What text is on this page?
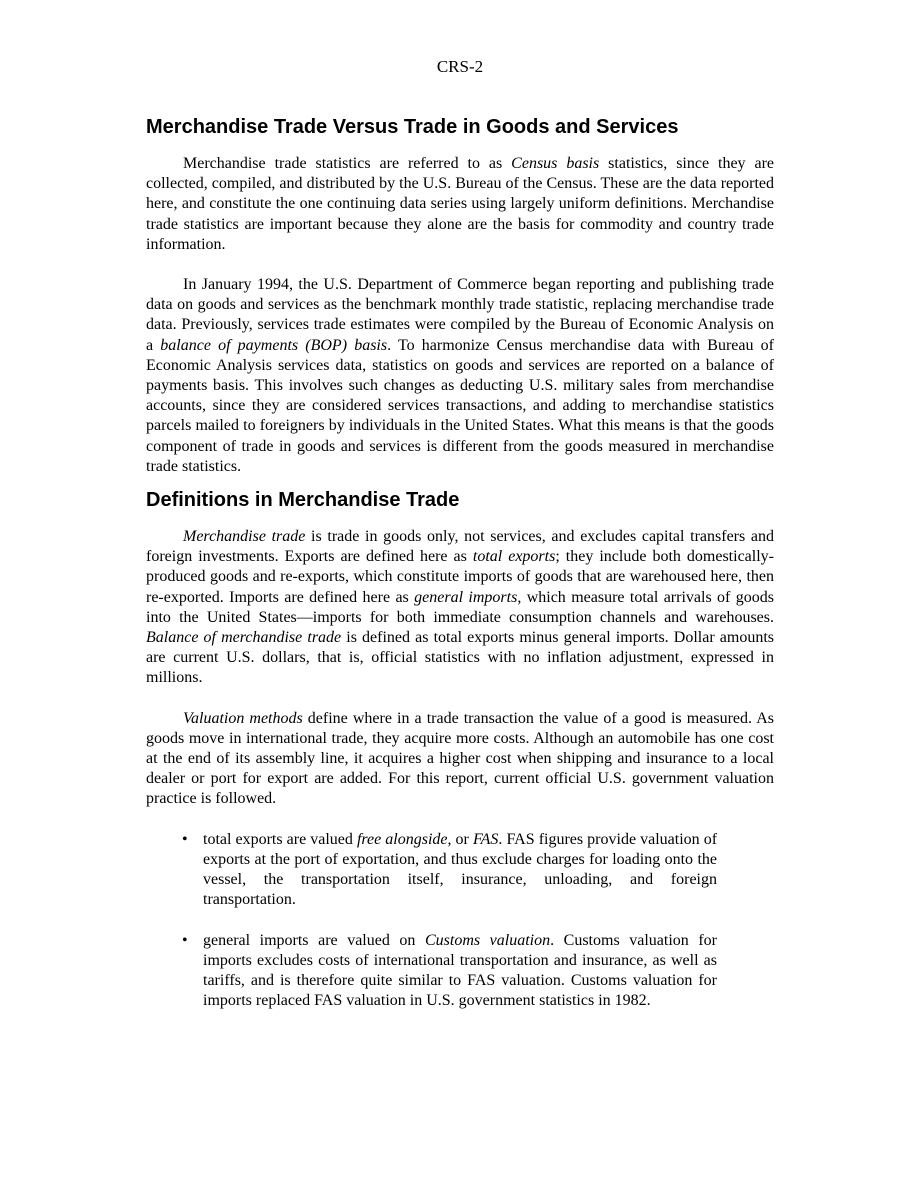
CRS-2
Merchandise Trade Versus Trade in Goods and Services

Merchandise trade statistics are referred to as Census basis statistics, since they are collected, compiled, and distributed by the U.S. Bureau of the Census. These are the data reported here, and constitute the one continuing data series using largely uniform definitions. Merchandise trade statistics are important because they alone are the basis for commodity and country trade information.

In January 1994, the U.S. Department of Commerce began reporting and publishing trade data on goods and services as the benchmark monthly trade statistic, replacing merchandise trade data. Previously, services trade estimates were compiled by the Bureau of Economic Analysis on a balance of payments (BOP) basis. To harmonize Census merchandise data with Bureau of Economic Analysis services data, statistics on goods and services are reported on a balance of payments basis. This involves such changes as deducting U.S. military sales from merchandise accounts, since they are considered services transactions, and adding to merchandise statistics parcels mailed to foreigners by individuals in the United States. What this means is that the goods component of trade in goods and services is different from the goods measured in merchandise trade statistics.

Definitions in Merchandise Trade

Merchandise trade is trade in goods only, not services, and excludes capital transfers and foreign investments. Exports are defined here as total exports; they include both domestically-produced goods and re-exports, which constitute imports of goods that are warehoused here, then re-exported. Imports are defined here as general imports, which measure total arrivals of goods into the United States—imports for both immediate consumption channels and warehouses. Balance of merchandise trade is defined as total exports minus general imports. Dollar amounts are current U.S. dollars, that is, official statistics with no inflation adjustment, expressed in millions.

Valuation methods define where in a trade transaction the value of a good is measured. As goods move in international trade, they acquire more costs. Although an automobile has one cost at the end of its assembly line, it acquires a higher cost when shipping and insurance to a local dealer or port for export are added. For this report, current official U.S. government valuation practice is followed.

• total exports are valued free alongside, or FAS. FAS figures provide valuation of exports at the port of exportation, and thus exclude charges for loading onto the vessel, the transportation itself, insurance, unloading, and foreign transportation.
• general imports are valued on Customs valuation. Customs valuation for imports excludes costs of international transportation and insurance, as well as tariffs, and is therefore quite similar to FAS valuation. Customs valuation for imports replaced FAS valuation in U.S. government statistics in 1982.
